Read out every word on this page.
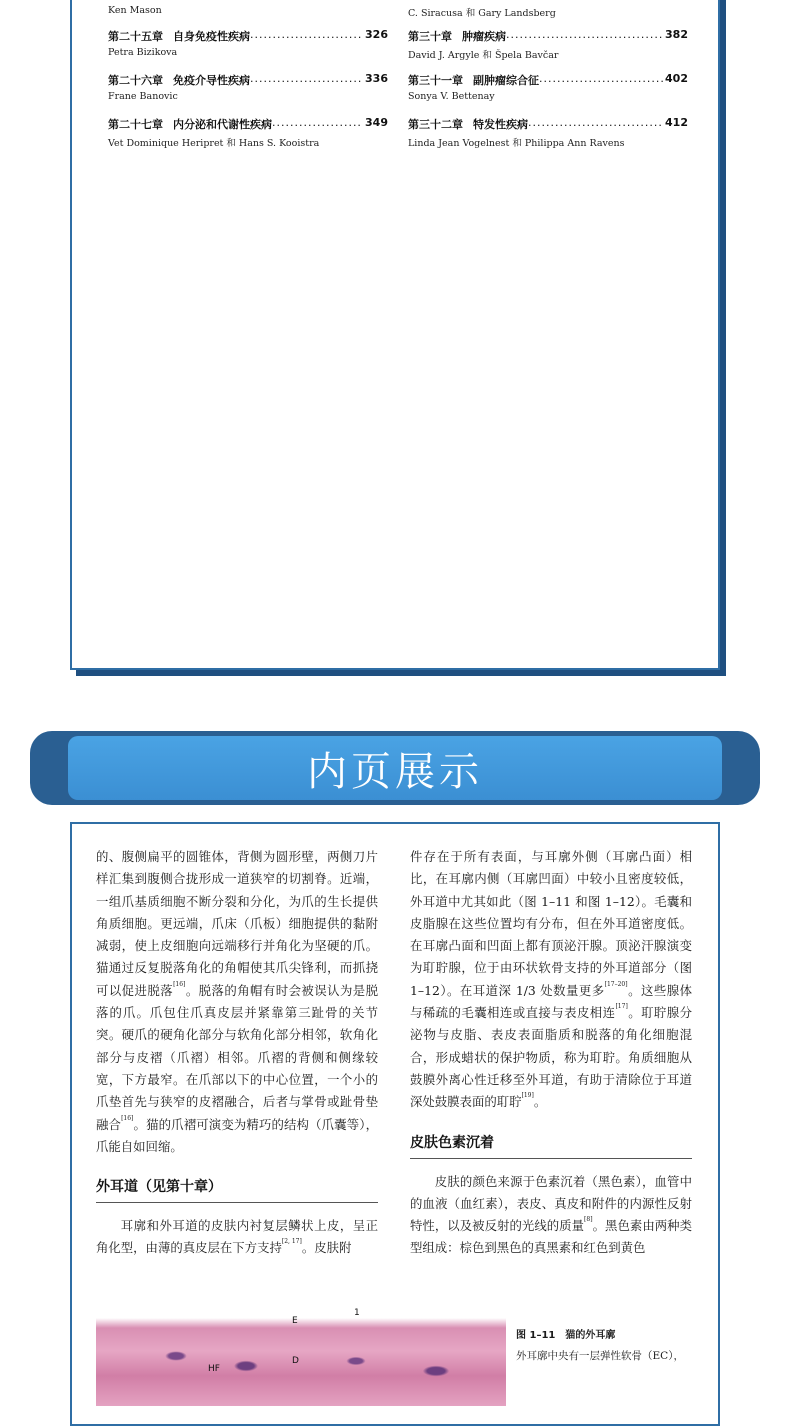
Ken Mason
第二十五章 自身免疫性疾病 .....	326
Petra Bizikova
第二十六章 免疫介导性疾病 .....	336
Frane Banovic
第二十七章 内分泌和代谢性疾病 .....	349
Vet Dominique Heripret 和 Hans S. Kooistra
C. Siracusa 和 Gary Landsberg
第三十章 肿瘤疾病 .....	382
David J. Argyle 和 Špela Bavčar
第三十一章 副肿瘤综合征 .....	402
Sonya V. Bettenay
第三十二章 特发性疾病 .....	412
Linda Jean Vogelnest 和 Philippa Ann Ravens
内页展示

的、腹侧扁平的圆锥体，背侧为圆形壁，两侧刀片样汇集到腹侧合拢形成一道狭窄的切割脊。近端，一组爪基质细胞不断分裂和分化，为爪的生长提供角质细胞。更远端，爪床（爪板）细胞提供的黏附减弱，使上皮细胞向远端移行并角化为坚硬的爪。猫通过反复脱落角化的角帽使其爪尖锋利，而抓挠可以促进脱落[16]。脱落的角帽有时会被误认为是脱落的爪。爪包住爪真皮层并紧靠第三趾骨的关节突。硬爪的硬角化部分与软角化部分相邻，软角化部分与皮褶（爪褶）相邻。爪褶的背侧和侧缘较宽，下方最窄。在爪部以下的中心位置，一个小的爪垫首先与狭窄的皮褶融合，后者与掌骨或趾骨垫融合[16]。猫的爪褶可演变为精巧的结构（爪囊等），爪能自如回缩。

外耳道（见第十章）

耳廓和外耳道的皮肤内衬复层鳞状上皮，呈正角化型，由薄的真皮层在下方支持[2, 17]。皮肤附

件存在于所有表面，与耳廓外侧（耳廓凸面）相比，在耳廓内侧（耳廓凹面）中较小且密度较低，外耳道中尤其如此（图 1–11 和图 1–12）。毛囊和皮脂腺在这些位置均有分布，但在外耳道密度低。在耳廓凸面和凹面上都有顶泌汗腺。顶泌汗腺演变为耵聍腺，位于由环状软骨支持的外耳道部分（图 1–12）。在耳道深 1/3 处数量更多[17–20]。这些腺体与稀疏的毛囊相连或直接与表皮相连[17]。耵聍腺分泌物与皮脂、表皮表面脂质和脱落的角化细胞混合，形成蜡状的保护物质，称为耵聍。角质细胞从鼓膜外离心性迁移至外耳道，有助于清除位于耳道深处鼓膜表面的耵聍[19]。

皮肤色素沉着

皮肤的颜色来源于色素沉着（黑色素），血管中的血液（血红素），表皮、真皮和附件的内源性反射特性，以及被反射的光线的质量[8]。黑色素由两种类型组成：棕色到黑色的真黑素和红色到黄色

E
1
HF
D
图 1–11　猫的外耳廓
外耳廓中央有一层弹性软骨（EC），
